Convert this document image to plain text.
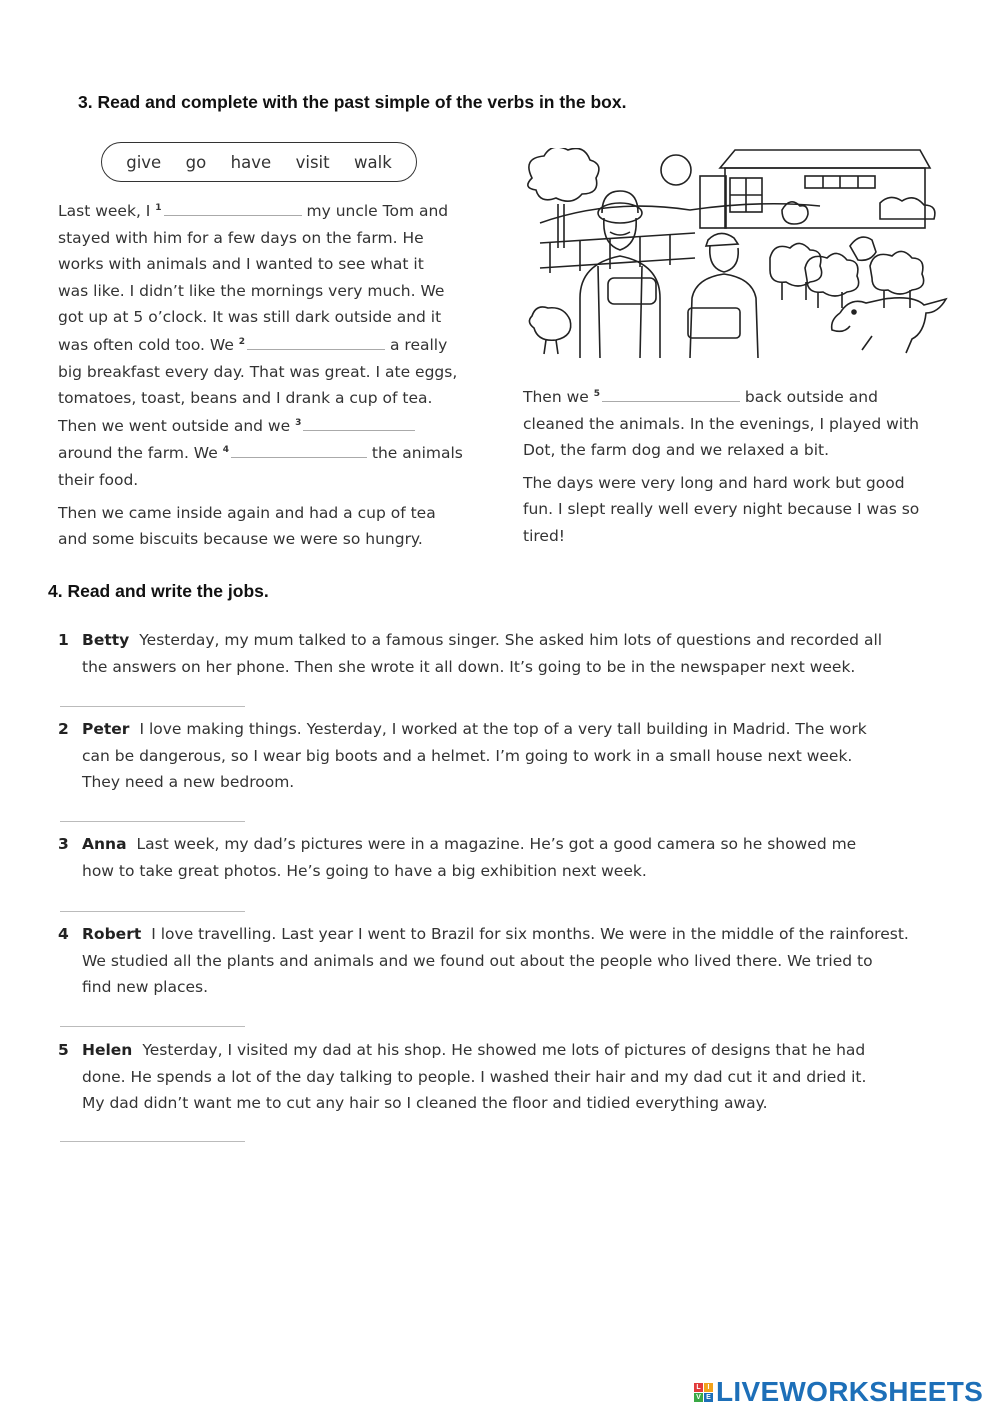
3. Read and complete with the past simple of the verbs in the box.
give go have visit walk
Last week, I $^1$	my uncle Tom and
stayed with him for a few days on the farm. He
works with animals and I wanted to see what it
was like. I didn’t like the mornings very much. We
got up at 5 o’clock. It was still dark outside and it
was often cold too. We $^2$	a really
big breakfast every day. That was great. I ate eggs,
tomatoes, toast, beans and I drank a cup of tea.
Then we went outside and we $^3$
around the farm. We $^4$	the animals
their food.
Then we came inside again and had a cup of tea
and some biscuits because we were so hungry.
Then we $^5$	back outside and
cleaned the animals. In the evenings, I played with
Dot, the farm dog and we relaxed a bit.
The days were very long and hard work but good
fun. I slept really well every night because I was so
tired!
4. Read and write the jobs.
1 Betty Yesterday, my mum talked to a famous singer. She asked him lots of questions and recorded all
the answers on her phone. Then she wrote it all down. It’s going to be in the newspaper next week.
2 Peter I love making things. Yesterday, I worked at the top of a very tall building in Madrid. The work
can be dangerous, so I wear big boots and a helmet. I’m going to work in a small house next week.
They need a new bedroom.
3 Anna Last week, my dad’s pictures were in a magazine. He’s got a good camera so he showed me
how to take great photos. He’s going to have a big exhibition next week.
4 Robert I love travelling. Last year I went to Brazil for six months. We were in the middle of the rainforest.
We studied all the plants and animals and we found out about the people who lived there. We tried to
find new places.
5 Helen Yesterday, I visited my dad at his shop. He showed me lots of pictures of designs that he had
done. He spends a lot of the day talking to people. I washed their hair and my dad cut it and dried it.
My dad didn’t want me to cut any hair so I cleaned the floor and tidied everything away.
L I
V E LIVEWORKSHEETS
